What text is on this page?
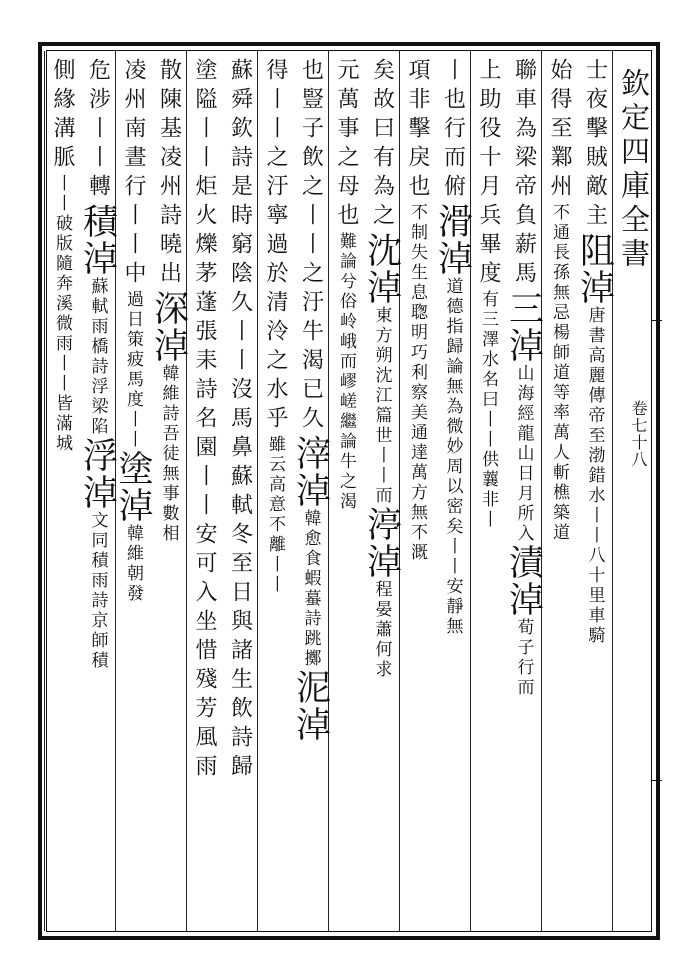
欽定四庫全書
卷七十八
士夜擊賊敵主阻淖唐書高麗傳帝至渤錯水丨丨八十里車騎
始得至鄴州不通長孫無忌楊師道等率萬人斬樵築道
聯車為梁帝負薪馬三淖山海經龍山日月所入漬淖荀子行而
上助役十月兵畢度有三澤水名曰丨丨供蘘非丨
丨也行而俯滑淖道德指歸論無為微妙周以密矣丨丨安靜無
項非擊戾也不制失生息聦明巧利察美通達萬方無不溉
矣故曰有為之沈淖東方朔沈江篇世丨丨而渟淖程晏蕭何求
元萬事之母也難論兮俗岭峨而嵺嵯繼論牛之渴
也豎子飲之丨丨之汙牛渴已久滓淖韓愈食蝦蟇詩跳擲泥淖
得丨丨之汙寧過於清泠之水乎雖云高意不離丨丨
蘇舜欽詩是時窮陰久丨丨沒馬鼻蘇軾冬至日與諸生飲詩歸
塗隘丨丨炬火爍茅蓬張耒詩名園丨丨安可入坐惜殘芳風雨
散陳基凌州詩曉出深淖韓維詩吾徒無事數相
凌州南晝行丨丨中過日策疲馬度丨丨塗淖韓維朝發
危涉丨丨轉積淖蘇軾雨橋詩浮梁陷浮淖文同積雨詩京師積
側緣溝脈丨丨破版隨奔溪微雨丨丨皆滿城
